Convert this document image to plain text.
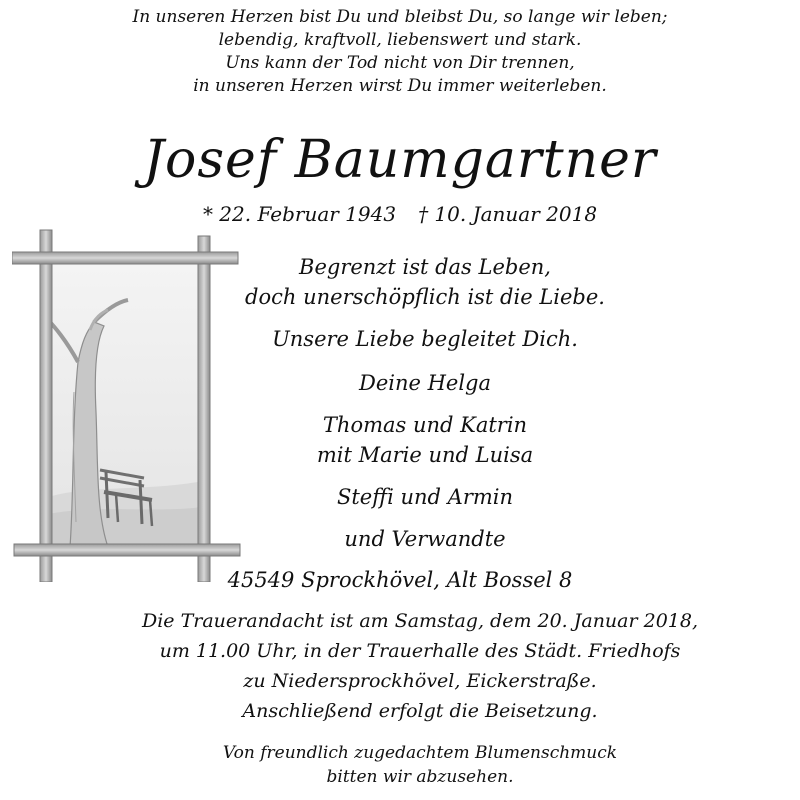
In unseren Herzen bist Du und bleibst Du, so lange wir leben;
lebendig, kraftvoll, liebenswert und stark.
Uns kann der Tod nicht von Dir trennen,
in unseren Herzen wirst Du immer weiterleben.
Josef Baumgartner
* 22. Februar 1943 † 10. Januar 2018
Begrenzt ist das Leben,
doch unerschöpflich ist die Liebe.
Unsere Liebe begleitet Dich.
Deine Helga
Thomas und Katrin
mit Marie und Luisa
Steffi und Armin
und Verwandte
45549 Sprockhövel, Alt Bossel 8
Die Trauerandacht ist am Samstag, dem 20. Januar 2018,
um 11.00 Uhr, in der Trauerhalle des Städt. Friedhofs
zu Niedersprockhövel, Eickerstraße.
Anschließend erfolgt die Beisetzung.
Von freundlich zugedachtem Blumenschmuck
bitten wir abzusehen.
